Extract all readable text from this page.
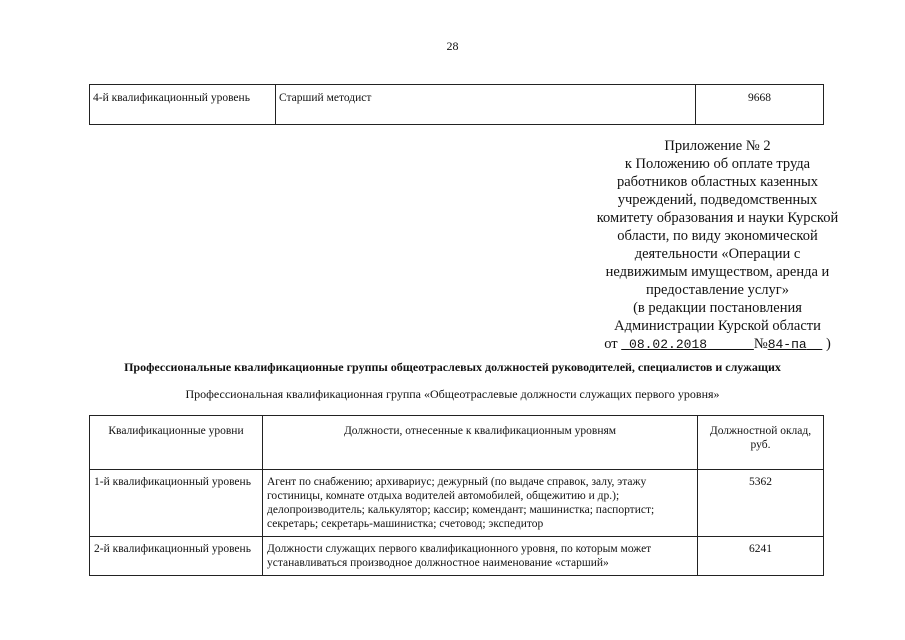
28
4-й квалификационный уровень	Старший методист	9668
Приложение № 2
к Положению об оплате труда
работников областных казенных
учреждений, подведомственных
комитету образования и науки Курской
области, по виду экономической
деятельности «Операции с
недвижимым имуществом, аренда и
предоставление услуг»
(в редакции постановления
Администрации Курской области
от 08.02.2018	№84-па )
Профессиональные квалификационные группы общеотраслевых должностей руководителей, специалистов и служащих
Профессиональная квалификационная группа «Общеотраслевые должности служащих первого уровня»
Квалификационные уровни	Должности, отнесенные к квалификационным уровням	Должностной оклад, руб.
1-й квалификационный уровень	Агент по снабжению; архивариус; дежурный (по выдаче справок, залу, этажу гостиницы, комнате отдыха водителей автомобилей, общежитию и др.); делопроизводитель; калькулятор; кассир; комендант; машинистка; паспортист; секретарь; секретарь-машинистка; счетовод; экспедитор	5362
2-й квалификационный уровень	Должности служащих первого квалификационного уровня, по которым может устанавливаться производное должностное наименование «старший»	6241
